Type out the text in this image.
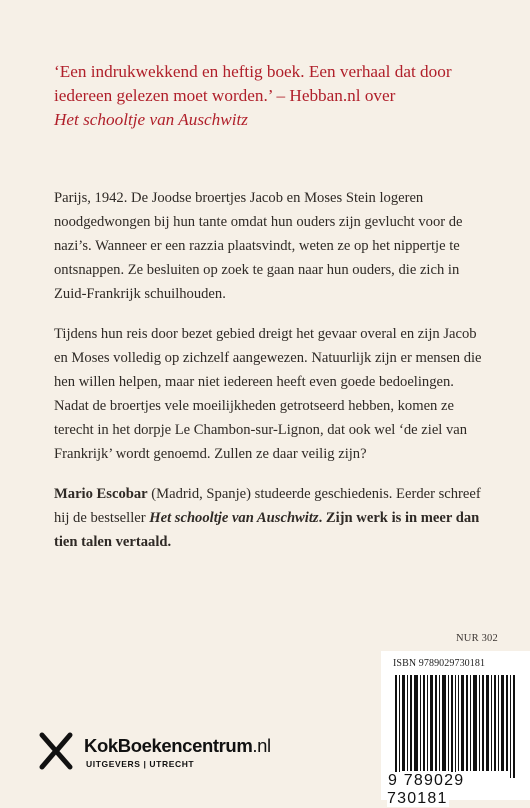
‘Een indrukwekkend en heftig boek. Een verhaal dat door iedereen gelezen moet worden.’ – Hebban.nl over
Het schooltje van Auschwitz
Parijs, 1942. De Joodse broertjes Jacob en Moses Stein logeren noodgedwongen bij hun tante omdat hun ouders zijn gevlucht voor de nazi’s. Wanneer er een razzia plaatsvindt, weten ze op het nippertje te ontsnappen. Ze besluiten op zoek te gaan naar hun ouders, die zich in Zuid-Frankrijk schuilhouden.
Tijdens hun reis door bezet gebied dreigt het gevaar overal en zijn Jacob en Moses volledig op zichzelf aangewezen. Natuurlijk zijn er mensen die hen willen helpen, maar niet iedereen heeft even goede bedoelingen. Nadat de broertjes vele moeilijkheden getrotseerd hebben, komen ze terecht in het dorpje Le Chambon-sur-Lignon, dat ook wel ‘de ziel van Frankrijk’ wordt genoemd. Zullen ze daar veilig zijn?
Mario Escobar (Madrid, Spanje) studeerde geschiedenis. Eerder schreef hij de bestseller Het schooltje van Auschwitz. Zijn werk is in meer dan tien talen vertaald.
NUR 302
ISBN 9789029730181
9 789029 730181
KokBoekencentrum.nl
UITGEVERS | UTRECHT
